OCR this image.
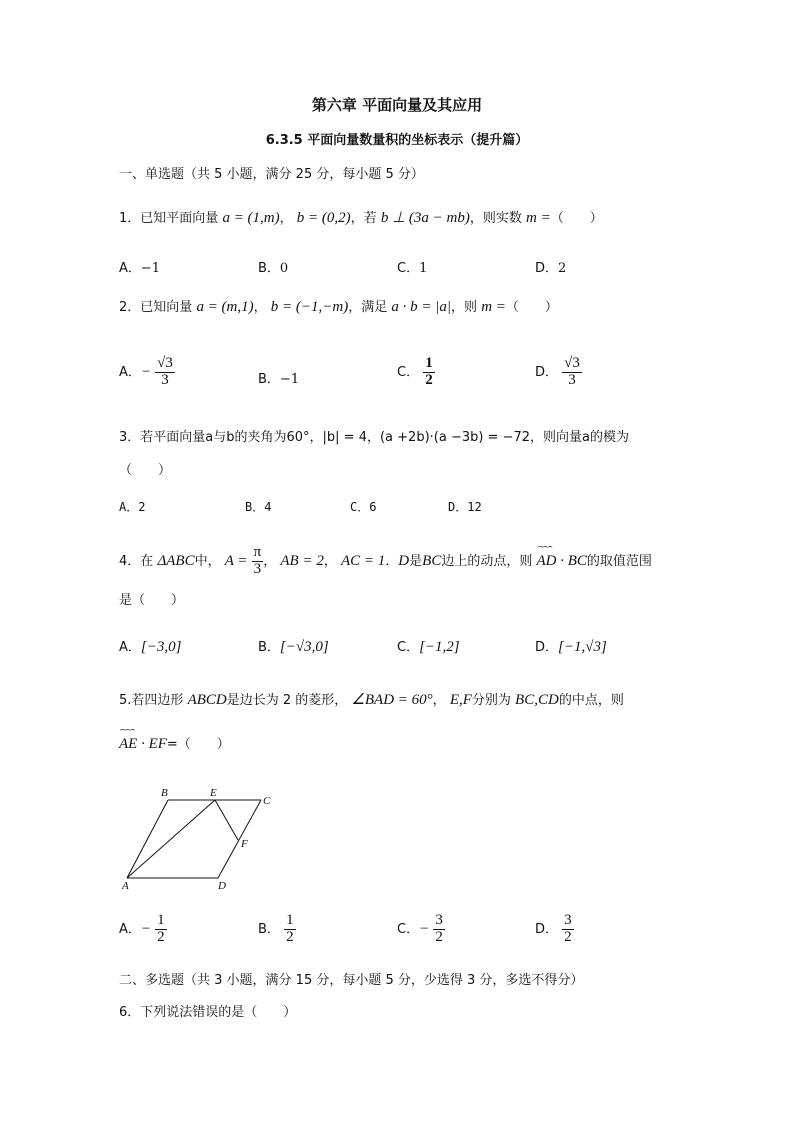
第六章 平面向量及其应用
6.3.5 平面向量数量积的坐标表示（提升篇）
一、单选题（共 5 小题，满分 25 分，每小题 5 分）
1．已知平面向量 a = (1,m)， b = (0,2)，若 b ⊥ (3a − mb)，则实数 m =（　　）
A．−1	B．0	C．1	D．2
2．已知向量 a = (m,1)， b = (−1,−m)，满足 a · b = |a|，则 m =（　　）
A．− $\frac{√3}{3}$	B．−1	C． $\frac{1}{2}$	D． $\frac{√3}{3}$
3．若平面向量a与b的夹角为60°，|b| = 4，(a +2b)·(a −3b) = −72，则向量a的模为
（　　）
A．2	B．4	C．6	D．12
4．在 ΔABC中， $A = \frac{\pi}{3}$ ， AB = 2， AC = 1．D是BC边上的动点，则 ⌢⌢⌢ AD · BC的取值范围
是（　　）
A．[−3,0]	B．[−√3,0]	C．[−1,2]	D．[−1,√3]
5.若四边形 ABCD是边长为 2 的菱形， ∠BAD = 60°， E,F分别为 BC,CD的中点，则
⌢⌢⌢ AE · EF=（　　）
A
B	E
C
F
D
A．− $\frac{1}{2}$	B． $\frac{1}{2}$	C．− $\frac{3}{2}$	D． $\frac{3}{2}$
二、多选题（共 3 小题，满分 15 分，每小题 5 分，少选得 3 分，多选不得分）
6．下列说法错误的是（　　）
